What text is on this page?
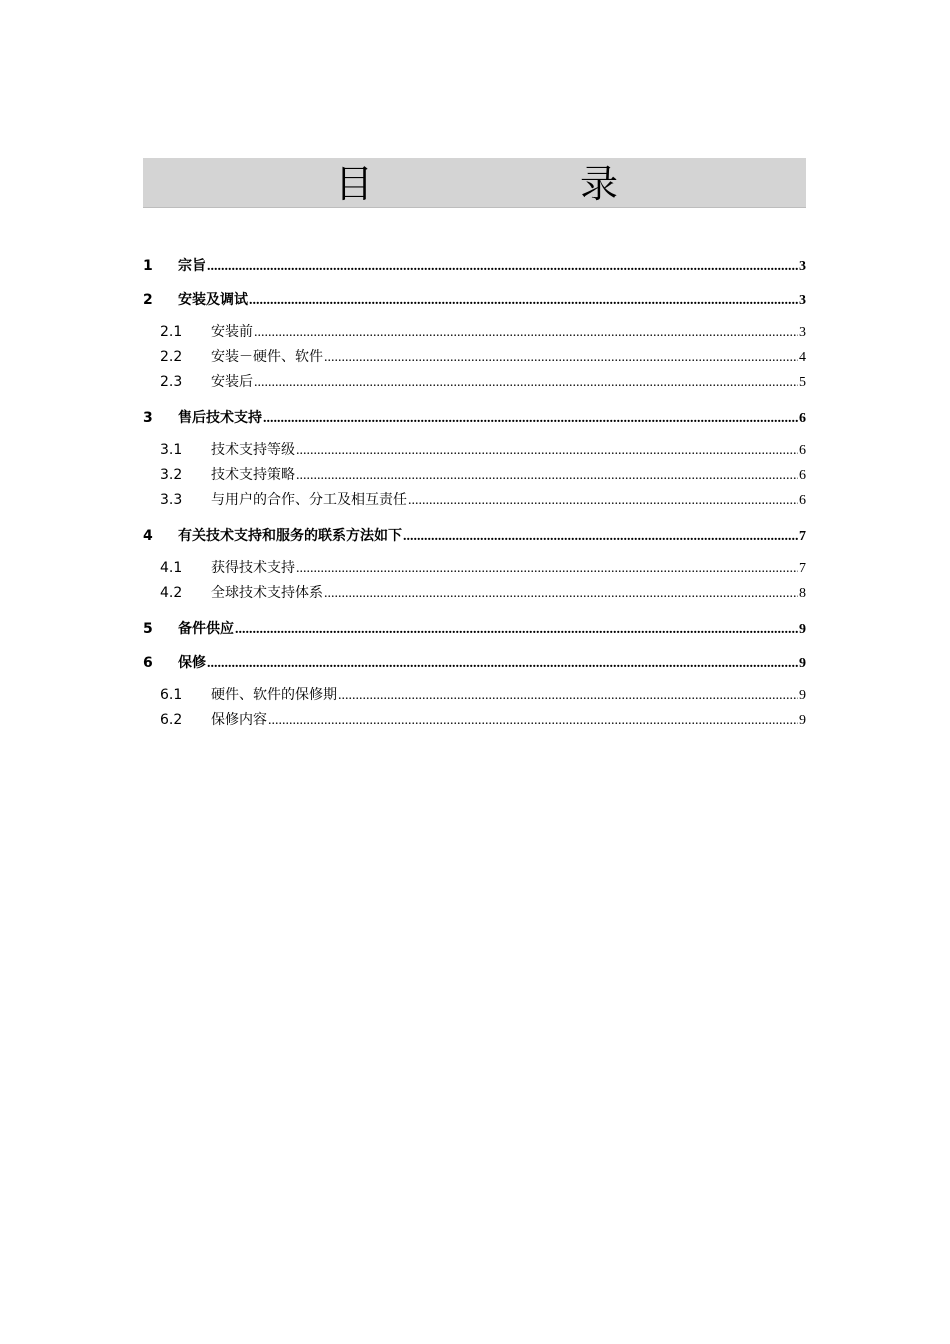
目	录
1	宗旨 .....	3
2	安装及调试 .....	3
2.1	安装前 .....	3
2.2	安装－硬件、软件 .....	4
2.3	安装后 .....	5
3	售后技术支持 .....	6
3.1	技术支持等级 .....	6
3.2	技术支持策略 .....	6
3.3	与用户的合作、分工及相互责任 .....	6
4	有关技术支持和服务的联系方法如下 .....	7
4.1	获得技术支持 .....	7
4.2	全球技术支持体系 .....	8
5	备件供应 .....	9
6	保修 .....	9
6.1	硬件、软件的保修期 .....	9
6.2	保修内容 .....	9
